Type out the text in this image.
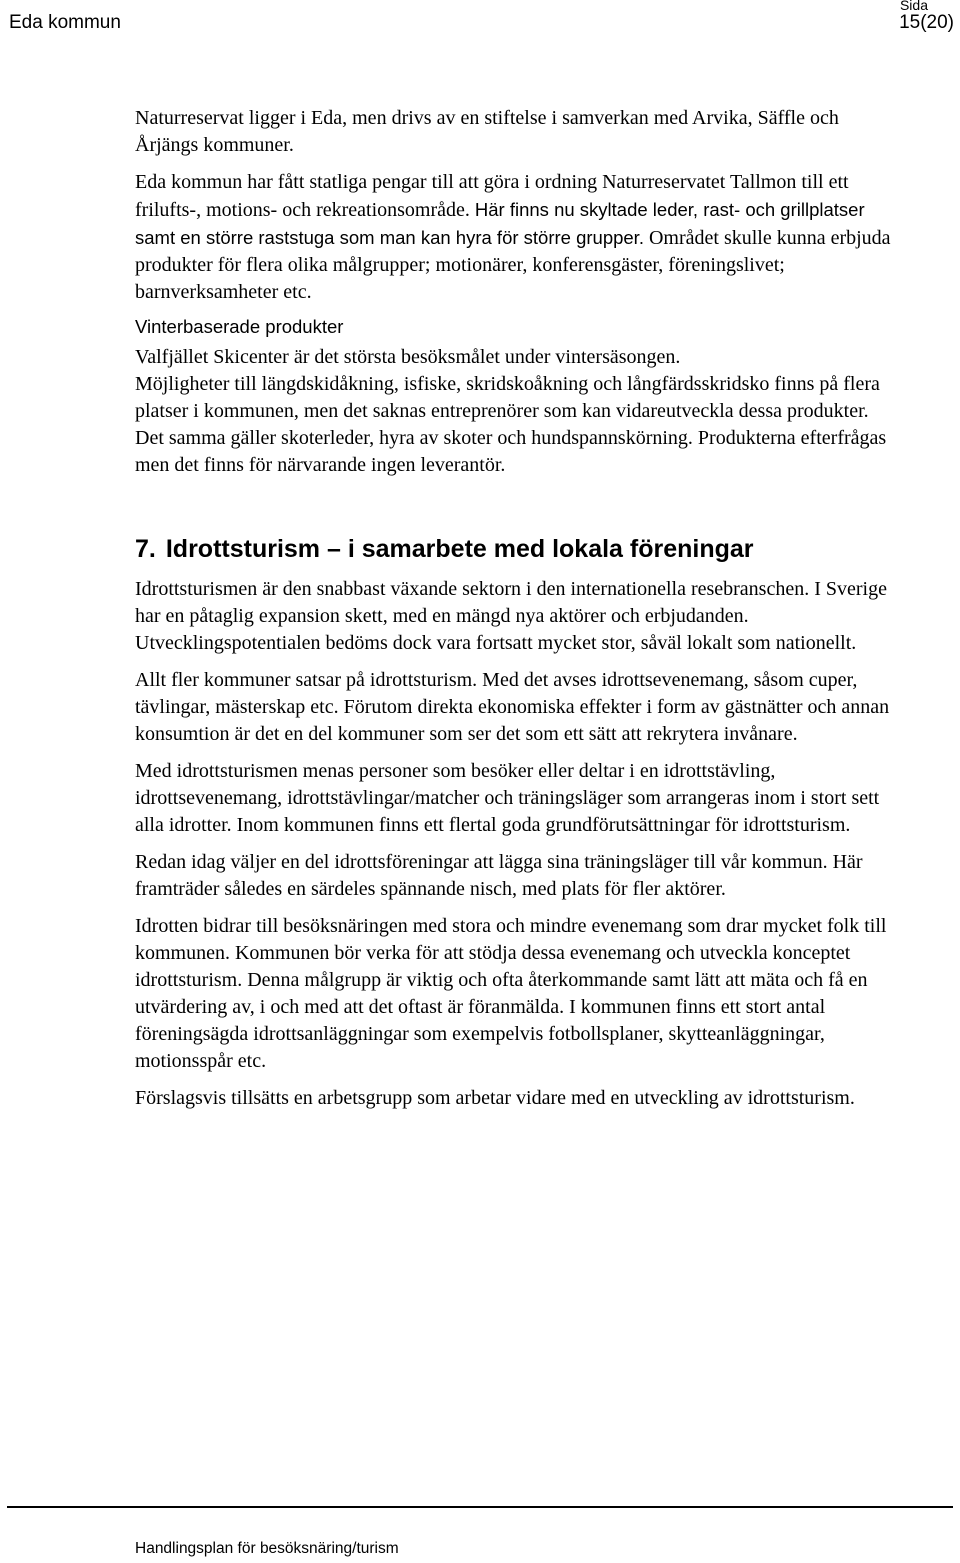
Eda kommun
Sida
15(20)

Naturreservat ligger i Eda, men drivs av en stiftelse i samverkan med Arvika, Säffle och Årjängs kommuner.

Eda kommun har fått statliga pengar till att göra i ordning Naturreservatet Tallmon till ett frilufts-, motions- och rekreationsområde. Här finns nu skyltade leder, rast- och grillplatser samt en större raststuga som man kan hyra för större grupper. Området skulle kunna erbjuda produkter för flera olika målgrupper; motionärer, konferensgäster, föreningslivet; barnverksamheter etc.

Vinterbaserade produkter

Valfjället Skicenter är det största besöksmålet under vintersäsongen.

Möjligheter till längdskidåkning, isfiske, skridskoåkning och långfärdsskridsko finns på flera platser i kommunen, men det saknas entreprenörer som kan vidareutveckla dessa produkter. Det samma gäller skoterleder, hyra av skoter och hundspannskörning. Produkterna efterfrågas men det finns för närvarande ingen leverantör.

7. Idrottsturism – i samarbete med lokala föreningar

Idrottsturismen är den snabbast växande sektorn i den internationella resebranschen. I Sverige har en påtaglig expansion skett, med en mängd nya aktörer och erbjudanden. Utvecklingspotentialen bedöms dock vara fortsatt mycket stor, såväl lokalt som nationellt.

Allt fler kommuner satsar på idrottsturism. Med det avses idrottsevenemang, såsom cuper, tävlingar, mästerskap etc. Förutom direkta ekonomiska effekter i form av gästnätter och annan konsumtion är det en del kommuner som ser det som ett sätt att rekrytera invånare.

Med idrottsturismen menas personer som besöker eller deltar i en idrottstävling, idrottsevenemang, idrottstävlingar/matcher och träningsläger som arrangeras inom i stort sett alla idrotter. Inom kommunen finns ett flertal goda grundförutsättningar för idrottsturism.

Redan idag väljer en del idrottsföreningar att lägga sina träningsläger till vår kommun. Här framträder således en särdeles spännande nisch, med plats för fler aktörer.

Idrotten bidrar till besöksnäringen med stora och mindre evenemang som drar mycket folk till kommunen. Kommunen bör verka för att stödja dessa evenemang och utveckla konceptet idrottsturism. Denna målgrupp är viktig och ofta återkommande samt lätt att mäta och få en utvärdering av, i och med att det oftast är föranmälda. I kommunen finns ett stort antal föreningsägda idrottsanläggningar som exempelvis fotbollsplaner, skytteanläggningar, motionsspår etc.

Förslagsvis tillsätts en arbetsgrupp som arbetar vidare med en utveckling av idrottsturism.

Handlingsplan för besöksnäring/turism
